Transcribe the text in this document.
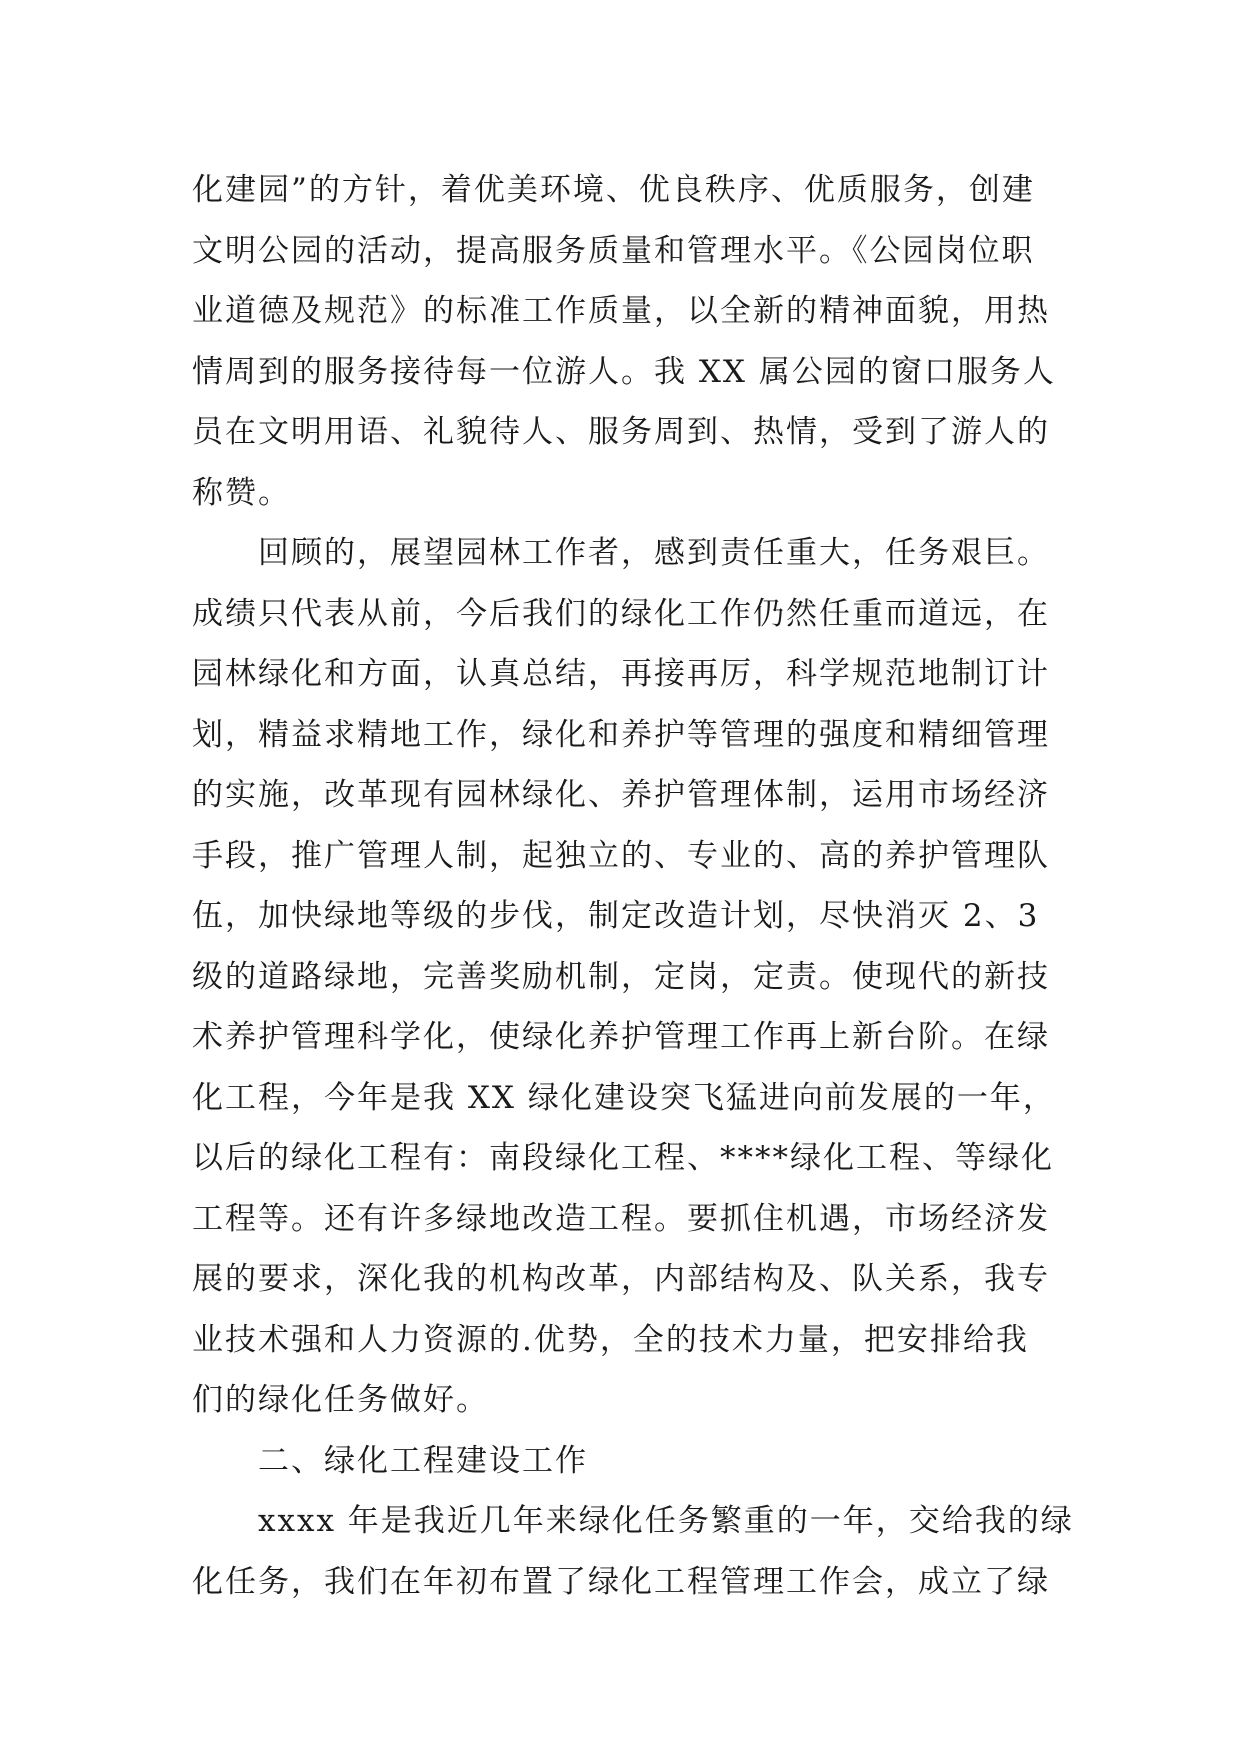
化建园”的方针，着优美环境、优良秩序、优质服务，创建
文明公园的活动，提高服务质量和管理水平。《公园岗位职
业道德及规范》的标准工作质量，以全新的精神面貌，用热
情周到的服务接待每一位游人。我 XX 属公园的窗口服务人
员在文明用语、礼貌待人、服务周到、热情，受到了游人的
称赞。
回顾的，展望园林工作者，感到责任重大，任务艰巨。
成绩只代表从前，今后我们的绿化工作仍然任重而道远，在
园林绿化和方面，认真总结，再接再厉，科学规范地制订计
划，精益求精地工作，绿化和养护等管理的强度和精细管理
的实施，改革现有园林绿化、养护管理体制，运用市场经济
手段，推广管理人制，起独立的、专业的、高的养护管理队
伍，加快绿地等级的步伐，制定改造计划，尽快消灭 2、3
级的道路绿地，完善奖励机制，定岗，定责。使现代的新技
术养护管理科学化，使绿化养护管理工作再上新台阶。在绿
化工程，今年是我 XX 绿化建设突飞猛进向前发展的一年，
以后的绿化工程有：南段绿化工程、****绿化工程、等绿化
工程等。还有许多绿地改造工程。要抓住机遇，市场经济发
展的要求，深化我的机构改革，内部结构及、队关系，我专
业技术强和人力资源的.优势，全的技术力量，把安排给我
们的绿化任务做好。
二、绿化工程建设工作
xxxx 年是我近几年来绿化任务繁重的一年，交给我的绿
化任务，我们在年初布置了绿化工程管理工作会，成立了绿
